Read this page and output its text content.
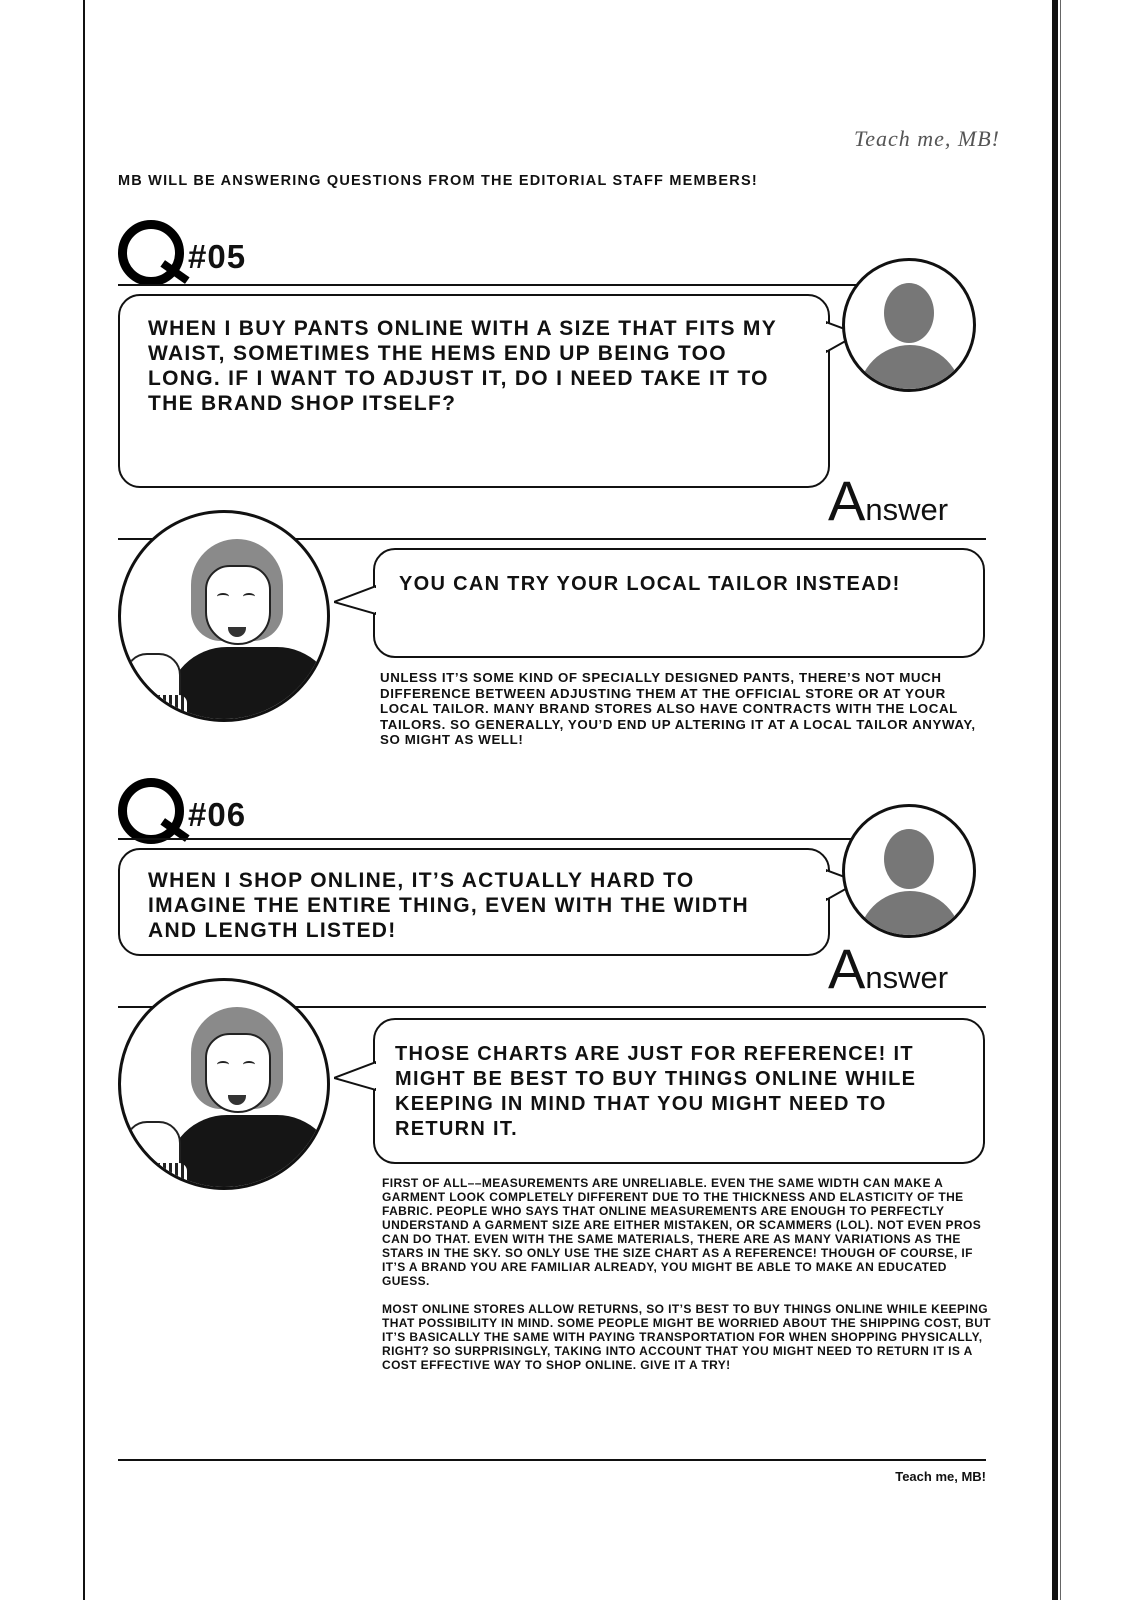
Teach me, MB!
MB WILL BE ANSWERING QUESTIONS FROM THE EDITORIAL STAFF MEMBERS!
#05
WHEN I BUY PANTS ONLINE WITH A SIZE THAT FITS MY WAIST, SOMETIMES THE HEMS END UP BEING TOO LONG. IF I WANT TO ADJUST IT, DO I NEED TAKE IT TO THE BRAND SHOP ITSELF?
Answer
YOU CAN TRY YOUR LOCAL TAILOR INSTEAD!
UNLESS IT’S SOME KIND OF SPECIALLY DESIGNED PANTS, THERE’S NOT MUCH DIFFERENCE BETWEEN ADJUSTING THEM AT THE OFFICIAL STORE OR AT YOUR LOCAL TAILOR. MANY BRAND STORES ALSO HAVE CONTRACTS WITH THE LOCAL TAILORS. SO GENERALLY, YOU’D END UP ALTERING IT AT A LOCAL TAILOR ANYWAY, SO MIGHT AS WELL!
#06
WHEN I SHOP ONLINE, IT’S ACTUALLY HARD TO IMAGINE THE ENTIRE THING, EVEN WITH THE WIDTH AND LENGTH LISTED!
Answer
THOSE CHARTS ARE JUST FOR REFERENCE! IT MIGHT BE BEST TO BUY THINGS ONLINE WHILE KEEPING IN MIND THAT YOU MIGHT NEED TO RETURN IT.

FIRST OF ALL––MEASUREMENTS ARE UNRELIABLE. EVEN THE SAME WIDTH CAN MAKE A GARMENT LOOK COMPLETELY DIFFERENT DUE TO THE THICKNESS AND ELASTICITY OF THE FABRIC. PEOPLE WHO SAYS THAT ONLINE MEASUREMENTS ARE ENOUGH TO PERFECTLY UNDERSTAND A GARMENT SIZE ARE EITHER MISTAKEN, OR SCAMMERS (LOL). NOT EVEN PROS CAN DO THAT. EVEN WITH THE SAME MATERIALS, THERE ARE AS MANY VARIATIONS AS THE STARS IN THE SKY. SO ONLY USE THE SIZE CHART AS A REFERENCE! THOUGH OF COURSE, IF IT’S A BRAND YOU ARE FAMILIAR ALREADY, YOU MIGHT BE ABLE TO MAKE AN EDUCATED GUESS.

MOST ONLINE STORES ALLOW RETURNS, SO IT’S BEST TO BUY THINGS ONLINE WHILE KEEPING THAT POSSIBILITY IN MIND. SOME PEOPLE MIGHT BE WORRIED ABOUT THE SHIPPING COST, BUT IT’S BASICALLY THE SAME WITH PAYING TRANSPORTATION FOR WHEN SHOPPING PHYSICALLY, RIGHT? SO SURPRISINGLY, TAKING INTO ACCOUNT THAT YOU MIGHT NEED TO RETURN IT IS A COST EFFECTIVE WAY TO SHOP ONLINE. GIVE IT A TRY!

Teach me, MB!
